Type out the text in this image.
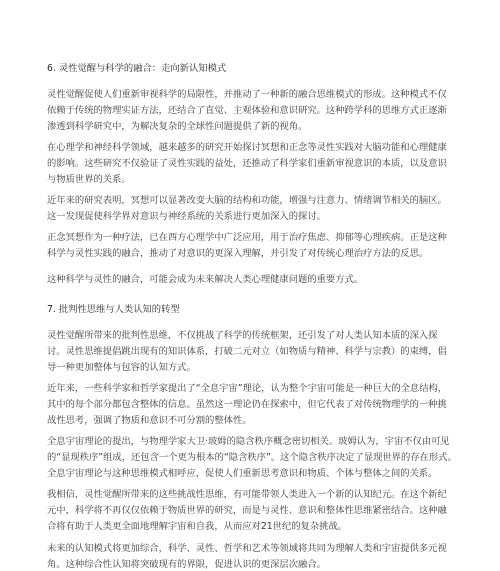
6. 灵性觉醒与科学的融合：走向新认知模式
灵性觉醒促使人们重新审视科学的局限性，并推动了一种新的融合思维模式的形成。这种模式不仅
依赖于传统的物理实证方法，还结合了直觉、主观体验和意识研究。这种跨学科的思维方式正逐渐
渗透到科学研究中，为解决复杂的全球性问题提供了新的视角。
在心理学和神经科学领域，越来越多的研究开始探讨冥想和正念等灵性实践对大脑功能和心理健康
的影响。这些研究不仅验证了灵性实践的益处，还推动了科学家们重新审视意识的本质，以及意识
与物质世界的关系。
近年来的研究表明，冥想可以显著改变大脑的结构和功能，增强与注意力、情绪调节相关的脑区。
这一发现促使科学界对意识与神经系统的关系进行更加深入的探讨。
正念冥想作为一种疗法，已在西方心理学中广泛应用，用于治疗焦虑、抑郁等心理疾病。正是这种
科学与灵性实践的融合，推动了对意识的更深入理解，并引发了对传统心理治疗方法的反思。
这种科学与灵性的融合，可能会成为未来解决人类心理健康问题的重要方式。
7. 批判性思维与人类认知的转型
灵性觉醒所带来的批判性思维，不仅挑战了科学的传统框架，还引发了对人类认知本质的深入探
讨。灵性思维提倡跳出现有的知识体系，打破二元对立（如物质与精神、科学与宗教）的束缚，倡
导一种更加整体与包容的认知方式。
近年来，一些科学家和哲学家提出了“全息宇宙”理论，认为整个宇宙可能是一种巨大的全息结构，
其中的每个部分都包含整体的信息。虽然这一理论仍在探索中，但它代表了对传统物理学的一种挑
战性思考，强调了物质和意识不可分割的整体性。
全息宇宙理论的提出，与物理学家大卫·玻姆的隐含秩序概念密切相关。玻姆认为，宇宙不仅由可见
的“显现秩序”组成，还包含一个更为根本的“隐含秩序”。这个隐含秩序决定了显现世界的存在形式。
全息宇宙理论与这种思维模式相呼应，促使人们重新思考意识和物质、个体与整体之间的关系。
我相信，灵性觉醒所带来的这些挑战性思维，有可能带领人类进入一个新的认知纪元。在这个新纪
元中，科学将不再仅仅依赖于物质世界的研究，而是与灵性、意识和整体性思维紧密结合。这种融
合将有助于人类更全面地理解宇宙和自我，从而应对21世纪的复杂挑战。
未来的认知模式将更加综合，科学、灵性、哲学和艺术等领域将共同为理解人类和宇宙提供多元视
角。这种综合性认知将突破现有的界限，促进认识的更深层次融合。
